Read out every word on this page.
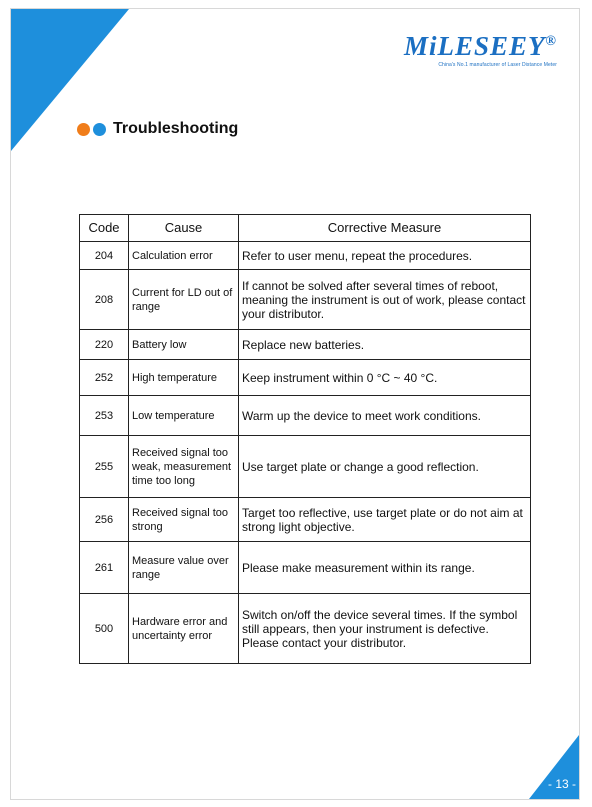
MiLESEEY®
China's No.1 manufacturer of Laser Distance Meter
Troubleshooting
Code	Cause	Corrective Measure
204	Calculation error	Refer to user menu, repeat the procedures.
208	Current for LD out of range	If cannot be solved after several times of reboot, meaning the instrument is out of work, please contact your distributor.
220	Battery low	Replace new batteries.
252	High temperature	Keep instrument within 0 °C ~ 40 °C.
253	Low temperature	Warm up the device to meet work conditions.
255	Received signal too weak, measurement time too long	Use target plate or change a good reflection.
256	Received signal too strong	Target too reflective, use target plate or do not aim at strong light objective.
261	Measure value over range	Please make measurement within its range.
500	Hardware error and uncertainty error	Switch on/off the device several times. If the symbol still appears, then your instrument is defective. Please contact your distributor.
- 13 -
